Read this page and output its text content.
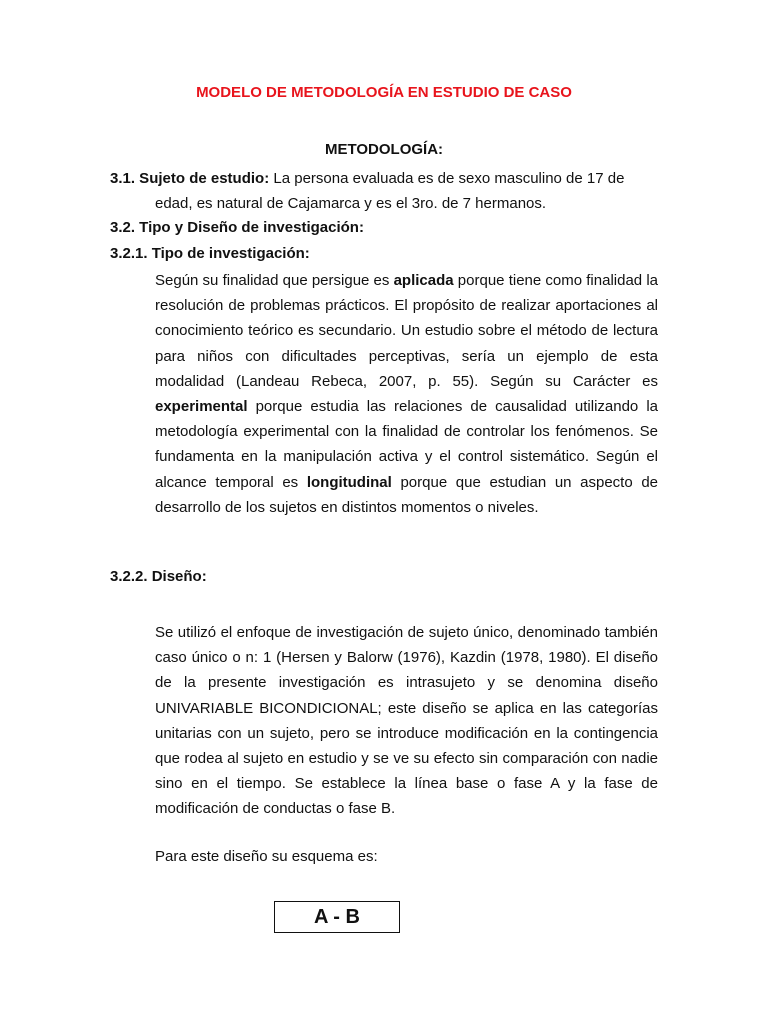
MODELO DE METODOLOGÍA EN ESTUDIO DE CASO
METODOLOGÍA:
3.1. Sujeto de estudio: La persona evaluada es de sexo masculino de 17 de
edad, es natural de Cajamarca y es el 3ro. de 7 hermanos.
3.2. Tipo y Diseño de investigación:
3.2.1. Tipo de investigación:
Según su finalidad que persigue es aplicada porque tiene como finalidad la resolución de problemas prácticos. El propósito de realizar aportaciones al conocimiento teórico es secundario. Un estudio sobre el método de lectura para niños con dificultades perceptivas, sería un ejemplo de esta modalidad (Landeau Rebeca, 2007, p. 55). Según su Carácter es experimental porque estudia las relaciones de causalidad utilizando la metodología experimental con la finalidad de controlar los fenómenos. Se fundamenta en la manipulación activa y el control sistemático. Según el alcance temporal es longitudinal porque que estudian un aspecto de desarrollo de los sujetos en distintos momentos o niveles.
3.2.2. Diseño:
Se utilizó el enfoque de investigación de sujeto único, denominado también caso único o n: 1 (Hersen y Balorw (1976), Kazdin (1978, 1980). El diseño de la presente investigación es intrasujeto y se denomina diseño UNIVARIABLE BICONDICIONAL; este diseño se aplica en las categorías unitarias con un sujeto, pero se introduce modificación en la contingencia que rodea al sujeto en estudio y se ve su efecto sin comparación con nadie sino en el tiempo. Se establece la línea base o fase A y la fase de modificación de conductas o fase B.
Para este diseño su esquema es:
A - B
